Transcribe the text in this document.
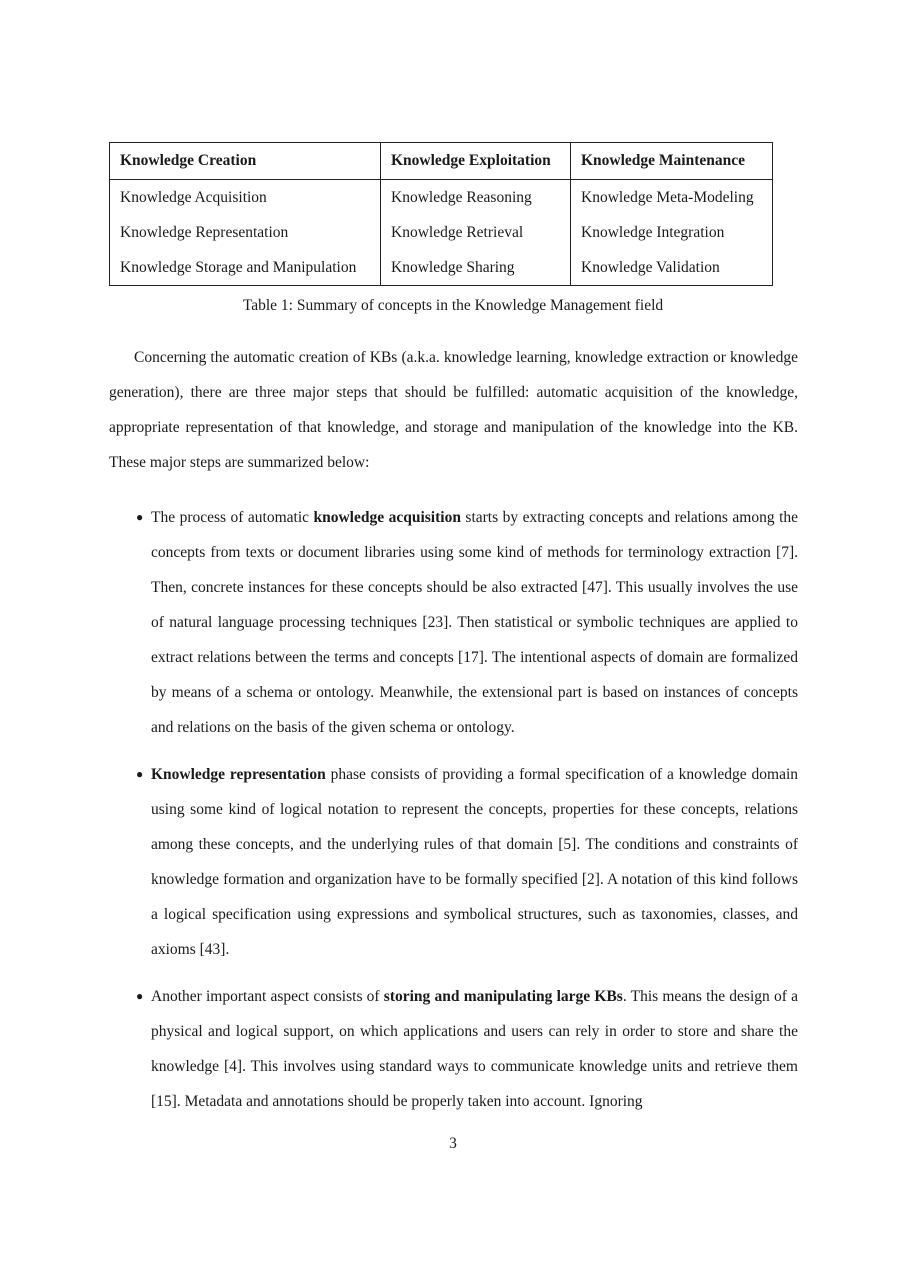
Knowledge Creation	Knowledge Exploitation	Knowledge Maintenance
Knowledge Acquisition	Knowledge Reasoning	Knowledge Meta-Modeling
Knowledge Representation	Knowledge Retrieval	Knowledge Integration
Knowledge Storage and Manipulation	Knowledge Sharing	Knowledge Validation
Table 1: Summary of concepts in the Knowledge Management field

Concerning the automatic creation of KBs (a.k.a. knowledge learning, knowledge extraction or knowledge generation), there are three major steps that should be fulfilled: automatic acquisition of the knowledge, appropriate representation of that knowledge, and storage and manipulation of the knowledge into the KB. These major steps are summarized below:

● The process of automatic knowledge acquisition starts by extracting concepts and relations among the concepts from texts or document libraries using some kind of methods for terminology extraction [7]. Then, concrete instances for these concepts should be also extracted [47]. This usually involves the use of natural language processing techniques [23]. Then statistical or symbolic techniques are applied to extract relations between the terms and concepts [17]. The intentional aspects of domain are formalized by means of a schema or ontology. Meanwhile, the extensional part is based on instances of concepts and relations on the basis of the given schema or ontology.
● Knowledge representation phase consists of providing a formal specification of a knowledge domain using some kind of logical notation to represent the concepts, properties for these concepts, relations among these concepts, and the underlying rules of that domain [5]. The conditions and constraints of knowledge formation and organization have to be formally specified [2]. A notation of this kind follows a logical specification using expressions and symbolical structures, such as taxonomies, classes, and axioms [43].
● Another important aspect consists of storing and manipulating large KBs. This means the design of a physical and logical support, on which applications and users can rely in order to store and share the knowledge [4]. This involves using standard ways to communicate knowledge units and retrieve them [15]. Metadata and annotations should be properly taken into account. Ignoring
3
